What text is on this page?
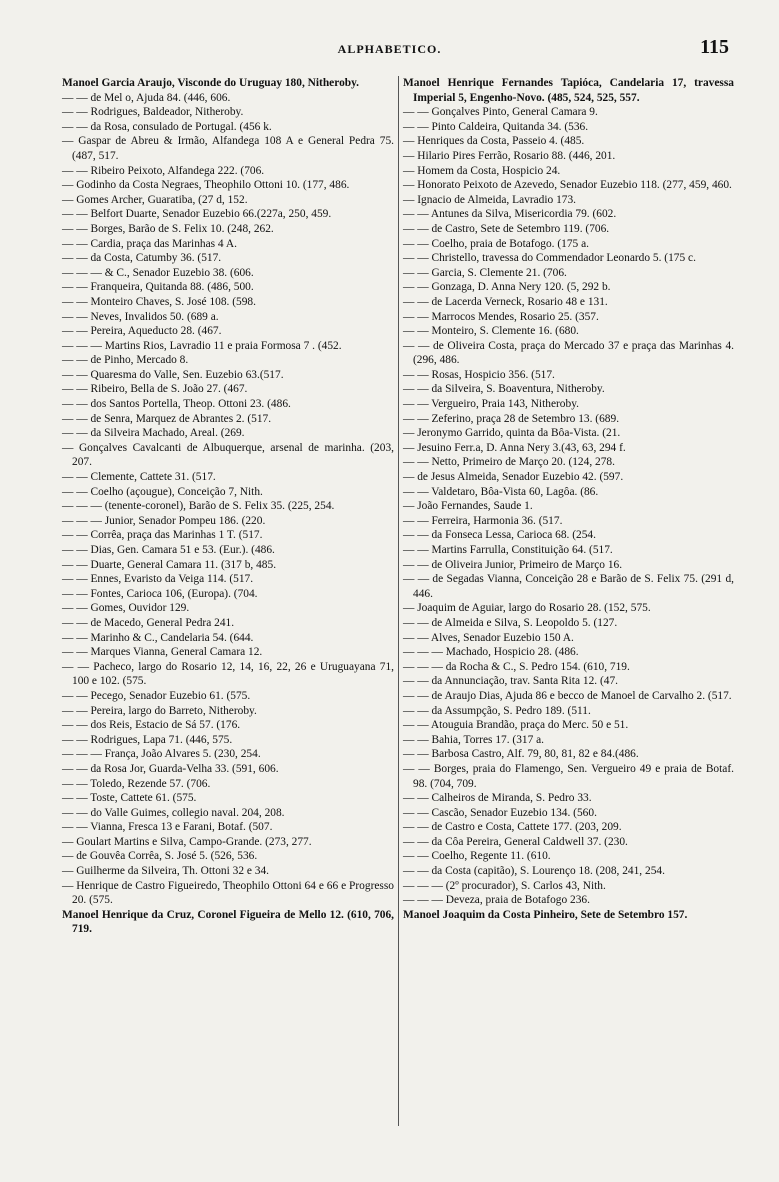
ALPHABETICO.	115

Manoel Garcia Araujo, Visconde do Uruguay 180, Nitheroby.

— — de Mel o, Ajuda 84. (446, 606.

— — Rodrigues, Baldeador, Nitheroby.

— — da Rosa, consulado de Portugal. (456 k.

— Gaspar de Abreu & Irmão, Alfandega 108 A e General Pedra 75. (487, 517.

— — Ribeiro Peixoto, Alfandega 222. (706.

— Godinho da Costa Negraes, Theophilo Ottoni 10. (177, 486.

— Gomes Archer, Guaratiba, (27 d, 152.

— — Belfort Duarte, Senador Euzebio 66.(227a, 250, 459.

— — Borges, Barão de S. Felix 10. (248, 262.

— — Cardia, praça das Marinhas 4 A.

— — da Costa, Catumby 36. (517.

— — — & C., Senador Euzebio 38. (606.

— — Franqueira, Quitanda 88. (486, 500.

— — Monteiro Chaves, S. José 108. (598.

— — Neves, Invalidos 50. (689 a.

— — Pereira, Aqueducto 28. (467.

— — — Martins Rios, Lavradio 11 e praia Formosa 7 . (452.

— — de Pinho, Mercado 8.

— — Quaresma do Valle, Sen. Euzebio 63.(517.

— — Ribeiro, Bella de S. João 27. (467.

— — dos Santos Portella, Theop. Ottoni 23. (486.

— — de Senra, Marquez de Abrantes 2. (517.

— — da Silveira Machado, Areal. (269.

— Gonçalves Cavalcanti de Albuquerque, arsenal de marinha. (203, 207.

— — Clemente, Cattete 31. (517.

— — Coelho (açougue), Conceição 7, Nith.

— — — (tenente-coronel), Barão de S. Felix 35. (225, 254.

— — — Junior, Senador Pompeu 186. (220.

— — Corrêa, praça das Marinhas 1 T. (517.

— — Dias, Gen. Camara 51 e 53. (Eur.). (486.

— — Duarte, General Camara 11. (317 b, 485.

— — Ennes, Evaristo da Veiga 114. (517.

— — Fontes, Carioca 106, (Europa). (704.

— — Gomes, Ouvidor 129.

— — de Macedo, General Pedra 241.

— — Marinho & C., Candelaria 54. (644.

— — Marques Vianna, General Camara 12.

— — Pacheco, largo do Rosario 12, 14, 16, 22, 26 e Uruguayana 71, 100 e 102. (575.

— — Pecego, Senador Euzebio 61. (575.

— — Pereira, largo do Barreto, Nitheroby.

— — dos Reis, Estacio de Sá 57. (176.

— — Rodrigues, Lapa 71. (446, 575.

— — — França, João Alvares 5. (230, 254.

— — da Rosa Jor, Guarda-Velha 33. (591, 606.

— — Toledo, Rezende 57. (706.

— — Toste, Cattete 61. (575.

— — do Valle Guimes, collegio naval. 204, 208.

— — Vianna, Fresca 13 e Farani, Botaf. (507.

— Goulart Martins e Silva, Campo-Grande. (273, 277.

— de Gouvêa Corrêa, S. José 5. (526, 536.

— Guilherme da Silveira, Th. Ottoni 32 e 34.

— Henrique de Castro Figueiredo, Theophilo Ottoni 64 e 66 e Progresso 20. (575.

Manoel Henrique da Cruz, Coronel Figueira de Mello 12. (610, 706, 719.

Manoel Henrique Fernandes Tapióca, Candelaria 17, travessa Imperial 5, Engenho-Novo. (485, 524, 525, 557.

— — Gonçalves Pinto, General Camara 9.

— — Pinto Caldeira, Quitanda 34. (536.

— Henriques da Costa, Passeio 4. (485.

— Hilario Pires Ferrão, Rosario 88. (446, 201.

— Homem da Costa, Hospicio 24.

— Honorato Peixoto de Azevedo, Senador Euzebio 118. (277, 459, 460.

— Ignacio de Almeida, Lavradio 173.

— — Antunes da Silva, Misericordia 79. (602.

— — de Castro, Sete de Setembro 119. (706.

— — Coelho, praia de Botafogo. (175 a.

— — Christello, travessa do Commendador Leonardo 5. (175 c.

— — Garcia, S. Clemente 21. (706.

— — Gonzaga, D. Anna Nery 120. (5, 292 b.

— — de Lacerda Verneck, Rosario 48 e 131.

— — Marrocos Mendes, Rosario 25. (357.

— — Monteiro, S. Clemente 16. (680.

— — de Oliveira Costa, praça do Mercado 37 e praça das Marinhas 4. (296, 486.

— — Rosas, Hospicio 356. (517.

— — da Silveira, S. Boaventura, Nitheroby.

— — Vergueiro, Praia 143, Nitheroby.

— — Zeferino, praça 28 de Setembro 13. (689.

— Jeronymo Garrido, quinta da Bôa-Vista. (21.

— Jesuino Ferr.a, D. Anna Nery 3.(43, 63, 294 f.

— — Netto, Primeiro de Março 20. (124, 278.

— de Jesus Almeida, Senador Euzebio 42. (597.

— — Valdetaro, Bôa-Vista 60, Lagôa. (86.

— João Fernandes, Saude 1.

— — Ferreira, Harmonia 36. (517.

— — da Fonseca Lessa, Carioca 68. (254.

— — Martins Farrulla, Constituição 64. (517.

— — de Oliveira Junior, Primeiro de Março 16.

— — de Segadas Vianna, Conceição 28 e Barão de S. Felix 75. (291 d, 446.

— Joaquim de Aguiar, largo do Rosario 28. (152, 575.

— — de Almeida e Silva, S. Leopoldo 5. (127.

— — Alves, Senador Euzebio 150 A.

— — — Machado, Hospicio 28. (486.

— — — da Rocha & C., S. Pedro 154. (610, 719.

— — da Annunciação, trav. Santa Rita 12. (47.

— — de Araujo Dias, Ajuda 86 e becco de Manoel de Carvalho 2. (517.

— — da Assumpção, S. Pedro 189. (511.

— — Atouguia Brandão, praça do Merc. 50 e 51.

— — Bahia, Torres 17. (317 a.

— — Barbosa Castro, Alf. 79, 80, 81, 82 e 84.(486.

— — Borges, praia do Flamengo, Sen. Vergueiro 49 e praia de Botaf. 98. (704, 709.

— — Calheiros de Miranda, S. Pedro 33.

— — Cascão, Senador Euzebio 134. (560.

— — de Castro e Costa, Cattete 177. (203, 209.

— — da Côa Pereira, General Caldwell 37. (230.

— — Coelho, Regente 11. (610.

— — da Costa (capitão), S. Lourenço 18. (208, 241, 254.

— — — (2º procurador), S. Carlos 43, Nith.

— — — Deveza, praia de Botafogo 236.

Manoel Joaquim da Costa Pinheiro, Sete de Setembro 157.
